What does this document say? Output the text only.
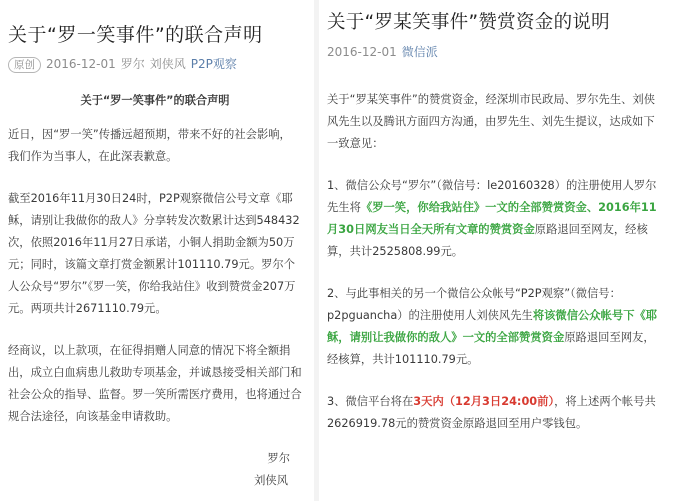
关于“罗一笑事件”的联合声明
原创 2016-12-01 罗尔 刘侠风 P2P观察
关于“罗一笑事件”的联合声明

近日，因“罗一笑”传播远超预期，带来不好的社会影响，我们作为当事人，在此深表歉意。

截至2016年11月30日24时，P2P观察微信公号文章《耶稣，请别让我做你的敌人》分享转发次数累计达到548432次，依照2016年11月27日承诺，小铜人捐助金额为50万元；同时，该篇文章打赏金额累计101110.79元。罗尔个人公众号“罗尔”《罗一笑，你给我站住》收到赞赏金207万元。两项共计2671110.79元。

经商议，以上款项，在征得捐赠人同意的情况下将全额捐出，成立白血病患儿救助专项基金，并诚恳接受相关部门和社会公众的指导、监督。罗一笑所需医疗费用，也将通过合规合法途径，向该基金申请救助。

罗尔
刘侠风
关于“罗某笑事件”赞赏资金的说明
2016-12-01 微信派

关于“罗某笑事件”的赞赏资金，经深圳市民政局、罗尔先生、刘侠风先生以及腾讯方面四方沟通，由罗先生、刘先生提议，达成如下一致意见：

1、微信公众号“罗尔”（微信号：le20160328）的注册使用人罗尔先生将《罗一笑，你给我站住》一文的全部赞赏资金、2016年11月30日网友当日全天所有文章的赞赏资金原路退回至网友，经核算，共计2525808.99元。

2、与此事相关的另一个微信公众帐号“P2P观察”（微信号：p2pguancha）的注册使用人刘侠风先生将该微信公众帐号下《耶稣，请别让我做你的敌人》一文的全部赞赏资金原路退回至网友，经核算，共计101110.79元。

3、微信平台将在3天内（12月3日24:00前），将上述两个帐号共2626919.78元的赞赏资金原路退回至用户零钱包。
